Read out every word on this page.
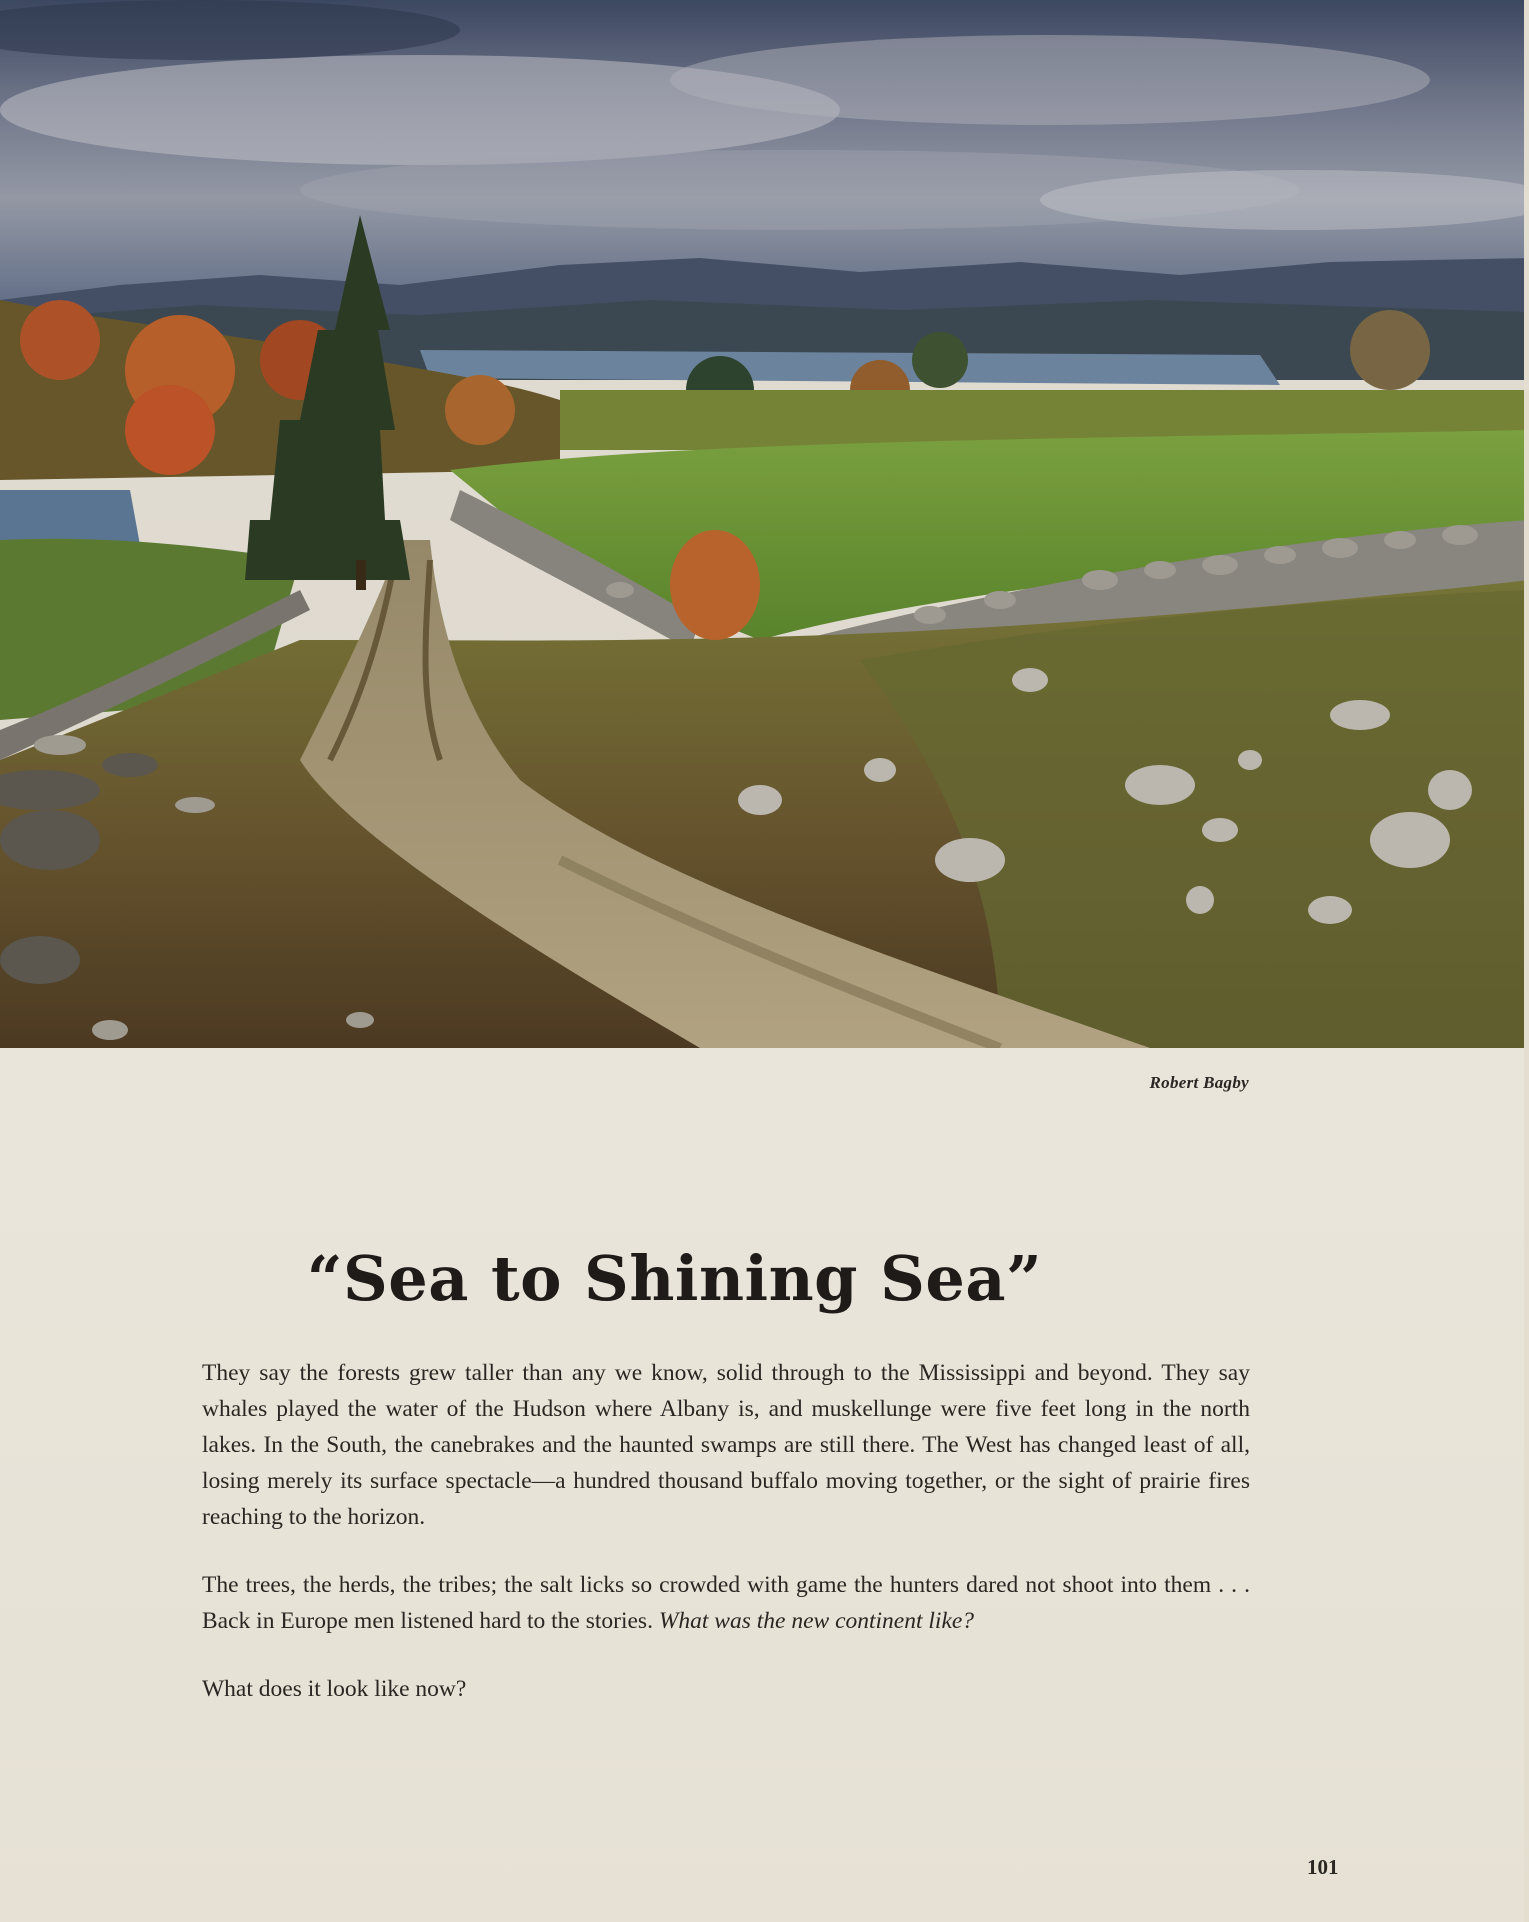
Robert Bagby
“Sea to Shining Sea”

They say the forests grew taller than any we know, solid through to the Mississippi and beyond. They say whales played the water of the Hudson where Albany is, and muskellunge were five feet long in the north lakes. In the South, the canebrakes and the haunted swamps are still there. The West has changed least of all, losing merely its surface spectacle—a hundred thousand buffalo moving together, or the sight of prairie fires reaching to the horizon.

The trees, the herds, the tribes; the salt licks so crowded with game the hunters dared not shoot into them . . . Back in Europe men listened hard to the stories. What was the new continent like?

What does it look like now?

101
